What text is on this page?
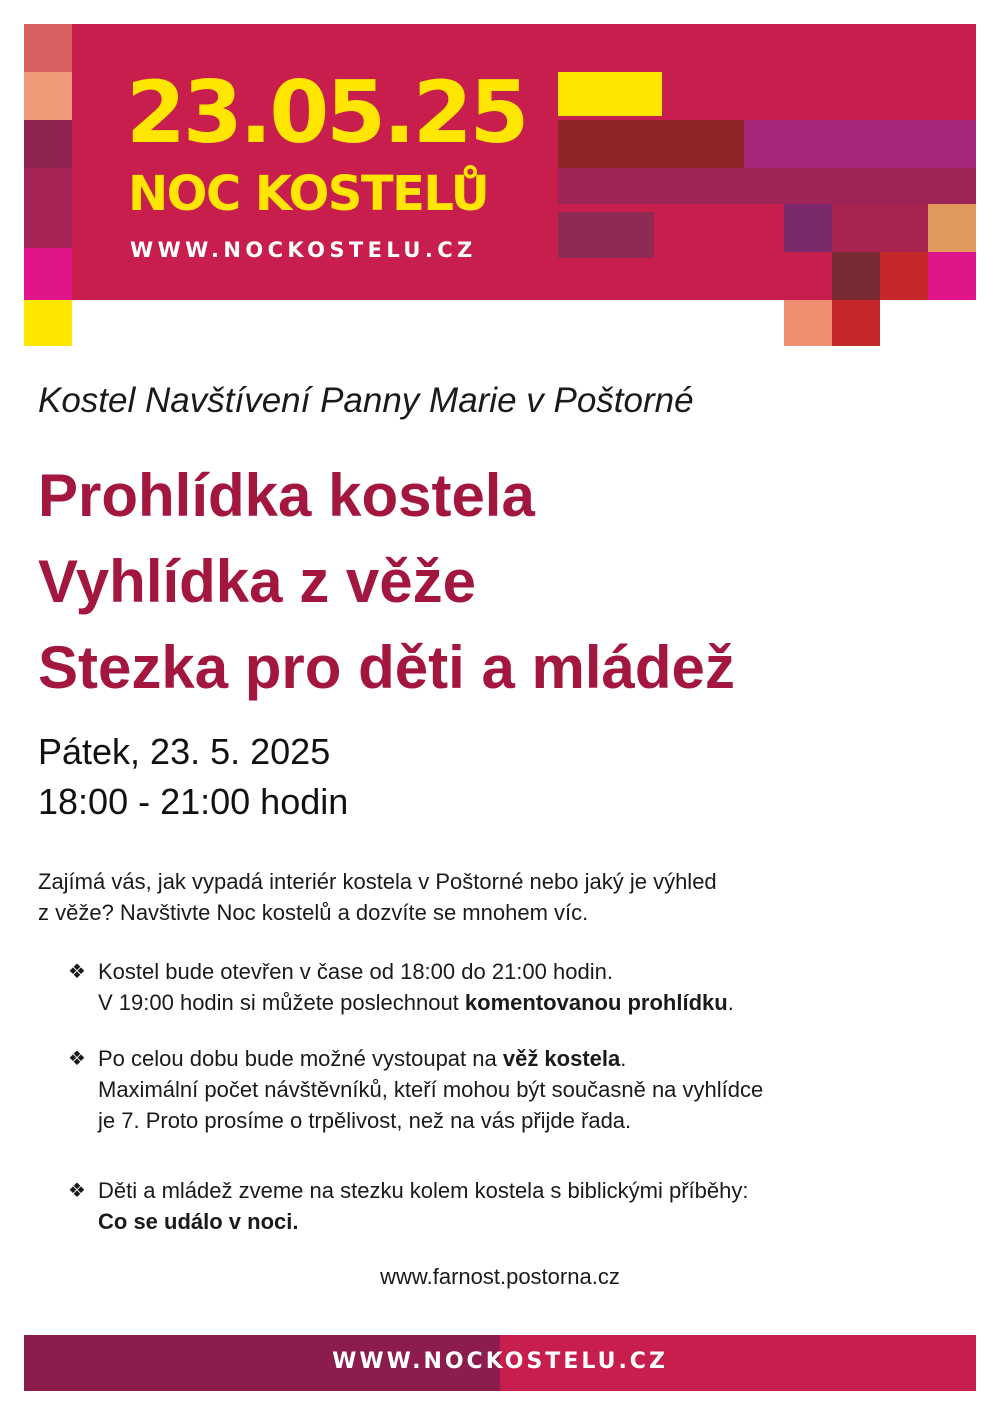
23.05.25
NOC KOSTELŮ
WWW.NOCKOSTELU.CZ
Kostel Navštívení Panny Marie v Poštorné
Prohlídka kostela
Vyhlídka z věže
Stezka pro děti a mládež
Pátek, 23. 5. 2025
18:00 - 21:00 hodin
Zajímá vás, jak vypadá interiér kostela v Poštorné nebo jaký je výhled
z věže? Navštivte Noc kostelů a dozvíte se mnohem víc.
❖ Kostel bude otevřen v čase od 18:00 do 21:00 hodin.
V 19:00 hodin si můžete poslechnout komentovanou prohlídku.
❖ Po celou dobu bude možné vystoupat na věž kostela.
Maximální počet návštěvníků, kteří mohou být současně na vyhlídce
je 7. Proto prosíme o trpělivost, než na vás přijde řada.
❖ Děti a mládež zveme na stezku kolem kostela s biblickými příběhy:
Co se událo v noci.
www.farnost.postorna.cz
WWW.NOCKOSTELU.CZ
